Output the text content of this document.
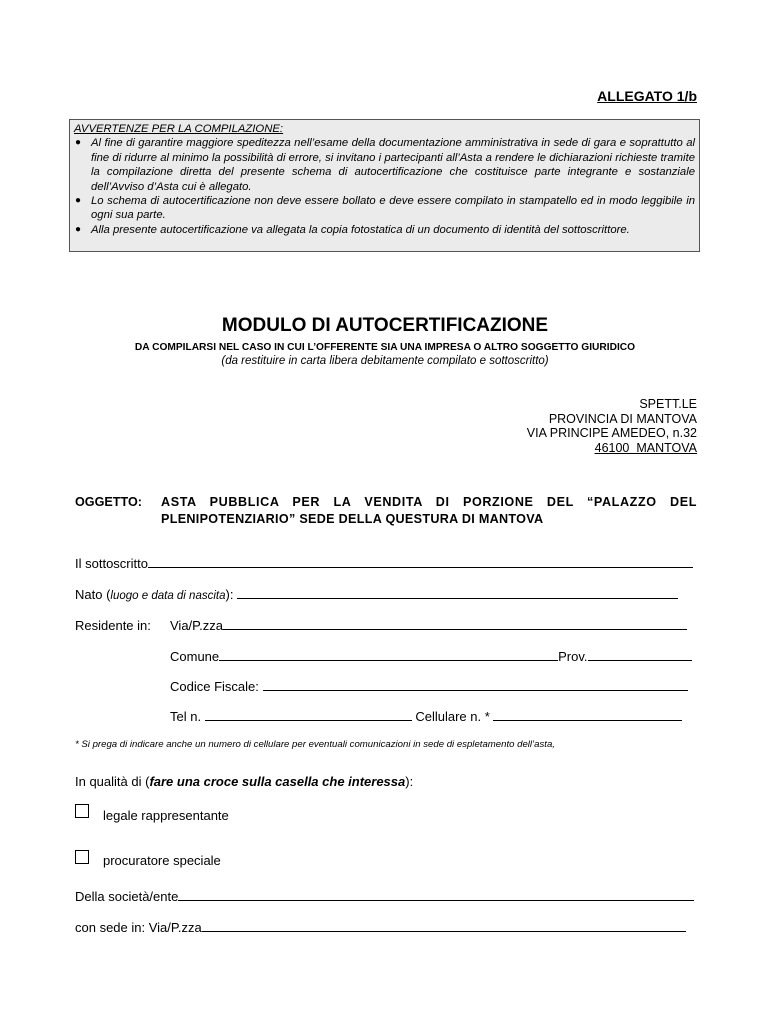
ALLEGATO 1/b
AVVERTENZE PER LA COMPILAZIONE:
● Al fine di garantire maggiore speditezza nell’esame della documentazione amministrativa in sede di gara e soprattutto al fine di ridurre al minimo la possibilità di errore, si invitano i partecipanti all’Asta a rendere le dichiarazioni richieste tramite la compilazione diretta del presente schema di autocertificazione che costituisce parte integrante e sostanziale dell’Avviso d’Asta cui è allegato.
● Lo schema di autocertificazione non deve essere bollato e deve essere compilato in stampatello ed in modo leggibile in ogni sua parte.
● Alla presente autocertificazione va allegata la copia fotostatica di un documento di identità del sottoscrittore.
MODULO DI AUTOCERTIFICAZIONE
DA COMPILARSI NEL CASO IN CUI L’OFFERENTE SIA UNA IMPRESA O ALTRO SOGGETTO GIURIDICO
(da restituire in carta libera debitamente compilato e sottoscritto)
SPETT.LE
PROVINCIA DI MANTOVA
VIA PRINCIPE AMEDEO, n.32
46100  MANTOVA
OGGETTO:	ASTA PUBBLICA PER LA VENDITA DI PORZIONE DEL “PALAZZO DEL
PLENIPOTENZIARIO” SEDE DELLA QUESTURA DI MANTOVA
Il sottoscritto
Nato (luogo e data di nascita):
Residente in: Via/P.zza
Comune	Prov.
Codice Fiscale:
Tel n.	Cellulare n. *
* Si prega di indicare anche un numero di cellulare per eventuali comunicazioni in sede di espletamento dell’asta,
In qualità di (fare una croce sulla casella che interessa):
legale rappresentante
procuratore speciale
Della società/ente
con sede in: Via/P.zza
